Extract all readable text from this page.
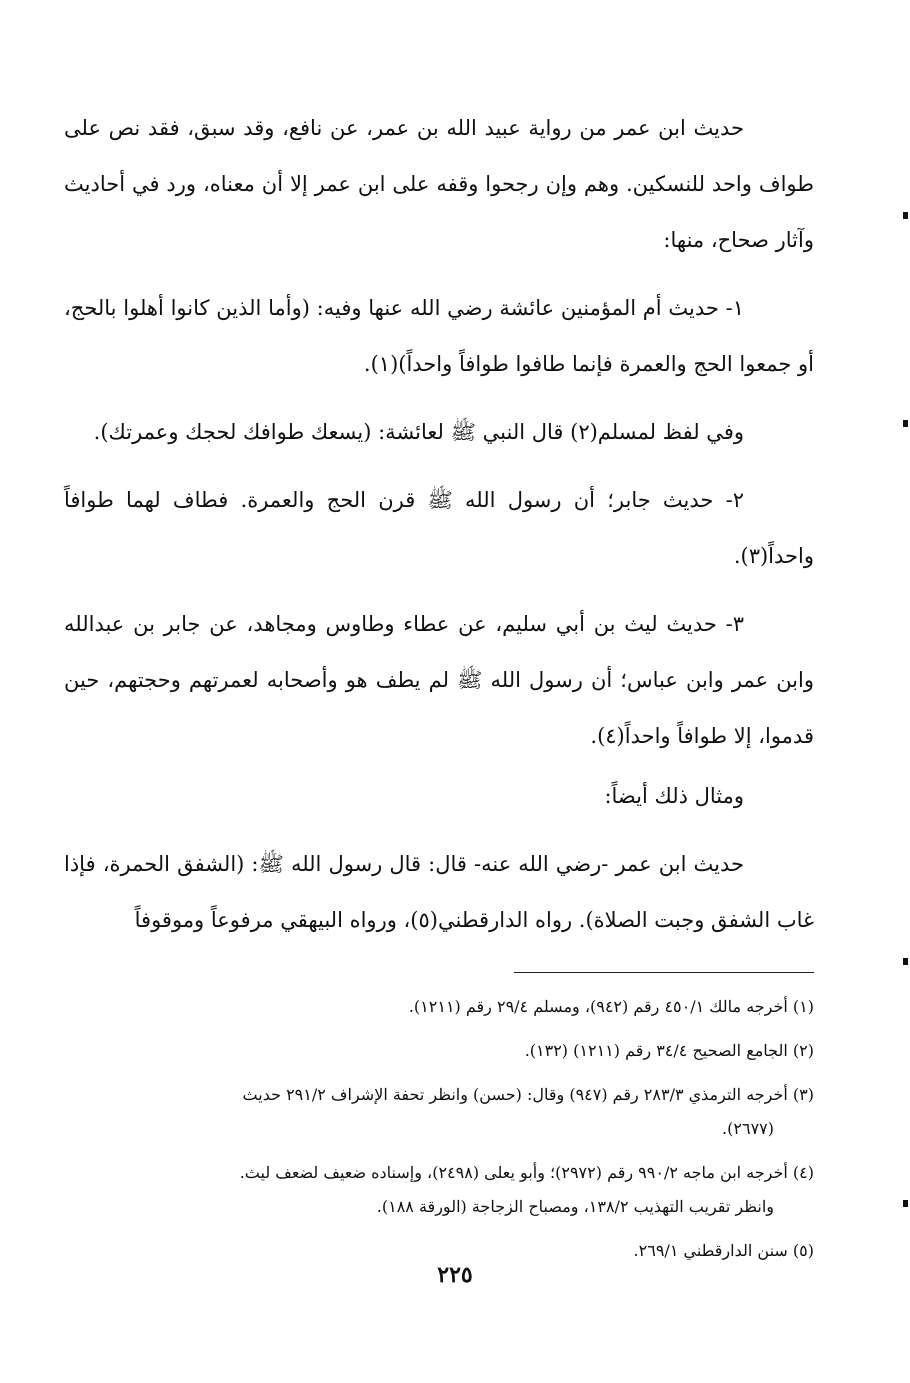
حديث ابن عمر من رواية عبيد الله بن عمر، عن نافع، وقد سبق، فقد نص على طواف واحد للنسكين. وهم وإن رجحوا وقفه على ابن عمر إلا أن معناه، ورد في أحاديث وآثار صحاح، منها:

١- حديث أم المؤمنين عائشة رضي الله عنها وفيه: (وأما الذين كانوا أهلوا بالحج، أو جمعوا الحج والعمرة فإنما طافوا طوافاً واحداً)(١).

وفي لفظ لمسلم(٢) قال النبي ﷺ لعائشة: (يسعك طوافك لحجك وعمرتك).

٢- حديث جابر؛ أن رسول الله ﷺ قرن الحج والعمرة. فطاف لهما طوافاً واحداً(٣).

٣- حديث ليث بن أبي سليم، عن عطاء وطاوس ومجاهد، عن جابر بن عبدالله وابن عمر وابن عباس؛ أن رسول الله ﷺ لم يطف هو وأصحابه لعمرتهم وحجتهم، حين قدموا، إلا طوافاً واحداً(٤).

ومثال ذلك أيضاً:

حديث ابن عمر -رضي الله عنه- قال: قال رسول الله ﷺ: (الشفق الحمرة، فإذا غاب الشفق وجبت الصلاة). رواه الدارقطني(٥)، ورواه البيهقي مرفوعاً وموقوفاً

(١) أخرجه مالك ٤٥٠/١ رقم (٩٤٢)، ومسلم ٢٩/٤ رقم (١٢١١).
(٢) الجامع الصحيح ٣٤/٤ رقم (١٢١١) (١٣٢).
(٣) أخرجه الترمذي ٢٨٣/٣ رقم (٩٤٧) وقال: (حسن) وانظر تحفة الإشراف ٢٩١/٢ حديث
(٢٦٧٧).
(٤) أخرجه ابن ماجه ٩٩٠/٢ رقم (٢٩٧٢)؛ وأبو يعلى (٢٤٩٨)، وإسناده ضعيف لضعف ليث.
وانظر تقريب التهذيب ١٣٨/٢، ومصباح الزجاجة (الورقة ١٨٨).
(٥) سنن الدارقطني ٢٦٩/١.
٢٢٥
